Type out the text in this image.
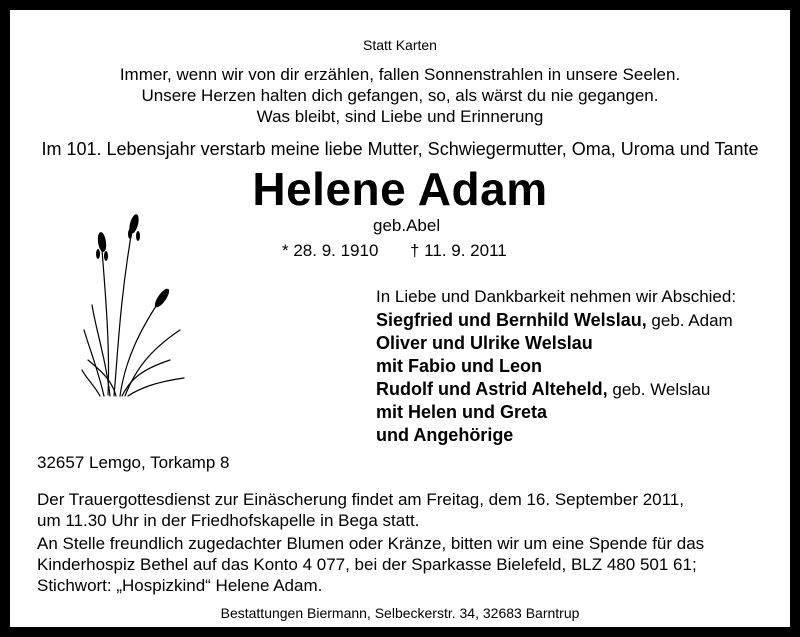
Statt Karten
Immer, wenn wir von dir erzählen, fallen Sonnenstrahlen in unsere Seelen.
Unsere Herzen halten dich gefangen, so, als wärst du nie gegangen.
Was bleibt, sind Liebe und Erinnerung
Im 101. Lebensjahr verstarb meine liebe Mutter, Schwiegermutter, Oma, Uroma und Tante
Helene Adam
geb.Abel
* 28. 9. 1910 † 11. 9. 2011
In Liebe und Dankbarkeit nehmen wir Abschied:
Siegfried und Bernhild Welslau, geb. Adam
Oliver und Ulrike Welslau
mit Fabio und Leon
Rudolf und Astrid Alteheld, geb. Welslau
mit Helen und Greta
und Angehörige
32657 Lemgo, Torkamp 8
Der Trauergottesdienst zur Einäscherung findet am Freitag, dem 16. September 2011,
um 11.30 Uhr in der Friedhofskapelle in Bega statt.
An Stelle freundlich zugedachter Blumen oder Kränze, bitten wir um eine Spende für das
Kinderhospiz Bethel auf das Konto 4 077, bei der Sparkasse Bielefeld, BLZ 480 501 61;
Stichwort: „Hospizkind“ Helene Adam.
Bestattungen Biermann, Selbeckerstr. 34, 32683 Barntrup
